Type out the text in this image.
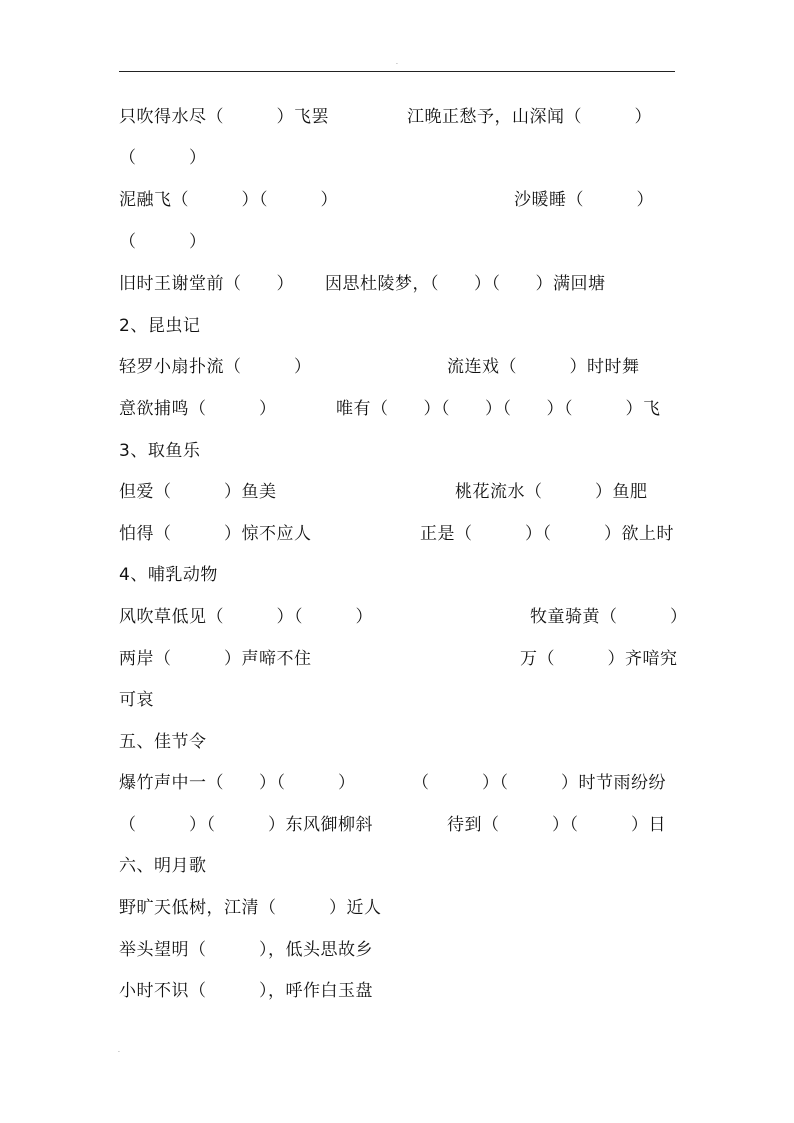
.
只吹得水尽（　　　）飞罢	江晚正愁予，山深闻（　　　）
（　　　）
泥融飞（　　　）（　　　）	沙暖睡（　　　）
（　　　）
旧时王谢堂前（　　） 因思杜陵梦，（　　）（　　）满回塘
2、昆虫记
轻罗小扇扑流（　　　）	流连戏（　　　）时时舞
意欲捕鸣（　　　）	唯有（　　）（　　）（　　）（　　　）飞
3、取鱼乐
但爱（　　　）鱼美	桃花流水（　　　）鱼肥
怕得（　　　）惊不应人	正是（　　　）（　　　）欲上时
4、哺乳动物
风吹草低见（　　　）（　　　）	牧童骑黄（　　　）
两岸（　　　）声啼不住	万（　　　）齐喑究
可哀
五、佳节令
爆竹声中一（　　）（　　　）	（　　　）（　　　）时节雨纷纷
（　　　）（　　　）东风御柳斜	待到（　　　）（　　　）日
六、明月歌
野旷天低树，江清（　　　）近人
举头望明（　　　），低头思故乡
小时不识（　　　），呼作白玉盘
.
